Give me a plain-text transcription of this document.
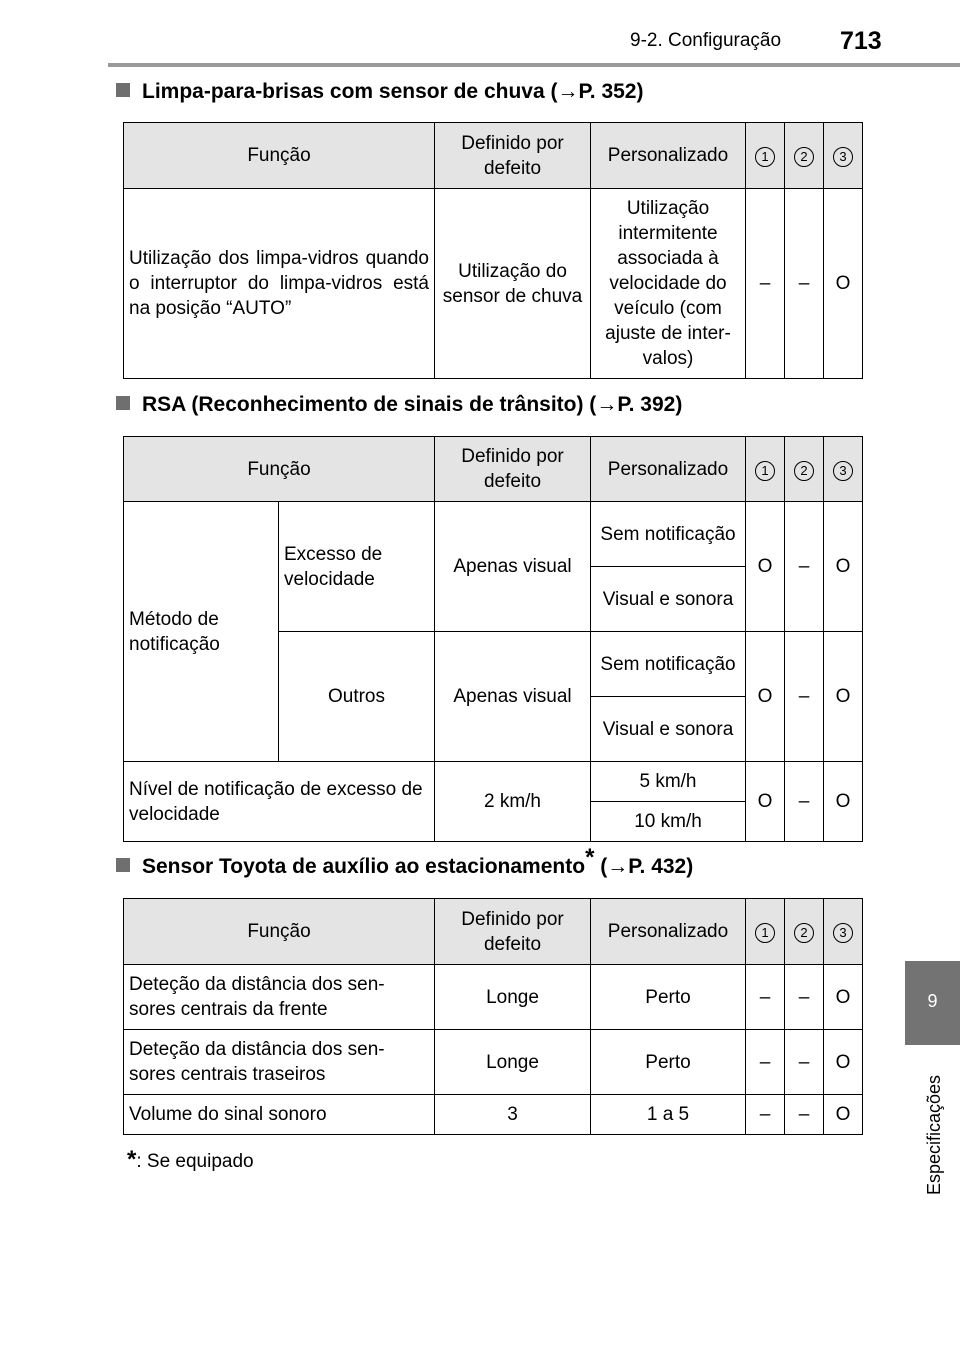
9-2. Configuração 713
9
Especificações
Limpa-para-brisas com sensor de chuva (→P. 352)
Função	Definido por defeito	Personalizado	1	2	3
Utilização dos limpa-vidros quando o interruptor do limpa-vidros está na posição “AUTO”	Utilização do sensor de chuva	Utilização intermitente associada à velocidade do veículo (com ajuste de inter-valos)	–	–	O
RSA (Reconhecimento de sinais de trânsito) (→P. 392)
Função		Definido por defeito	Personalizado	1	2	3
Método de notificação	Excesso de velocidade	Apenas visual	Sem notificação	O	–	O
			Visual e sonora			
	Outros	Apenas visual	Sem notificação	O	–	O
			Visual e sonora			
Nível de notificação de excesso de velocidade		2 km/h	5 km/h	O	–	O
			10 km/h			
Sensor Toyota de auxílio ao estacionamento* (→P. 432)
Função	Definido por defeito	Personalizado	1	2	3
Deteção da distância dos sen-sores centrais da frente	Longe	Perto	–	–	O
Deteção da distância dos sen-sores centrais traseiros	Longe	Perto	–	–	O
Volume do sinal sonoro	3	1 a 5	–	–	O
*: Se equipado
